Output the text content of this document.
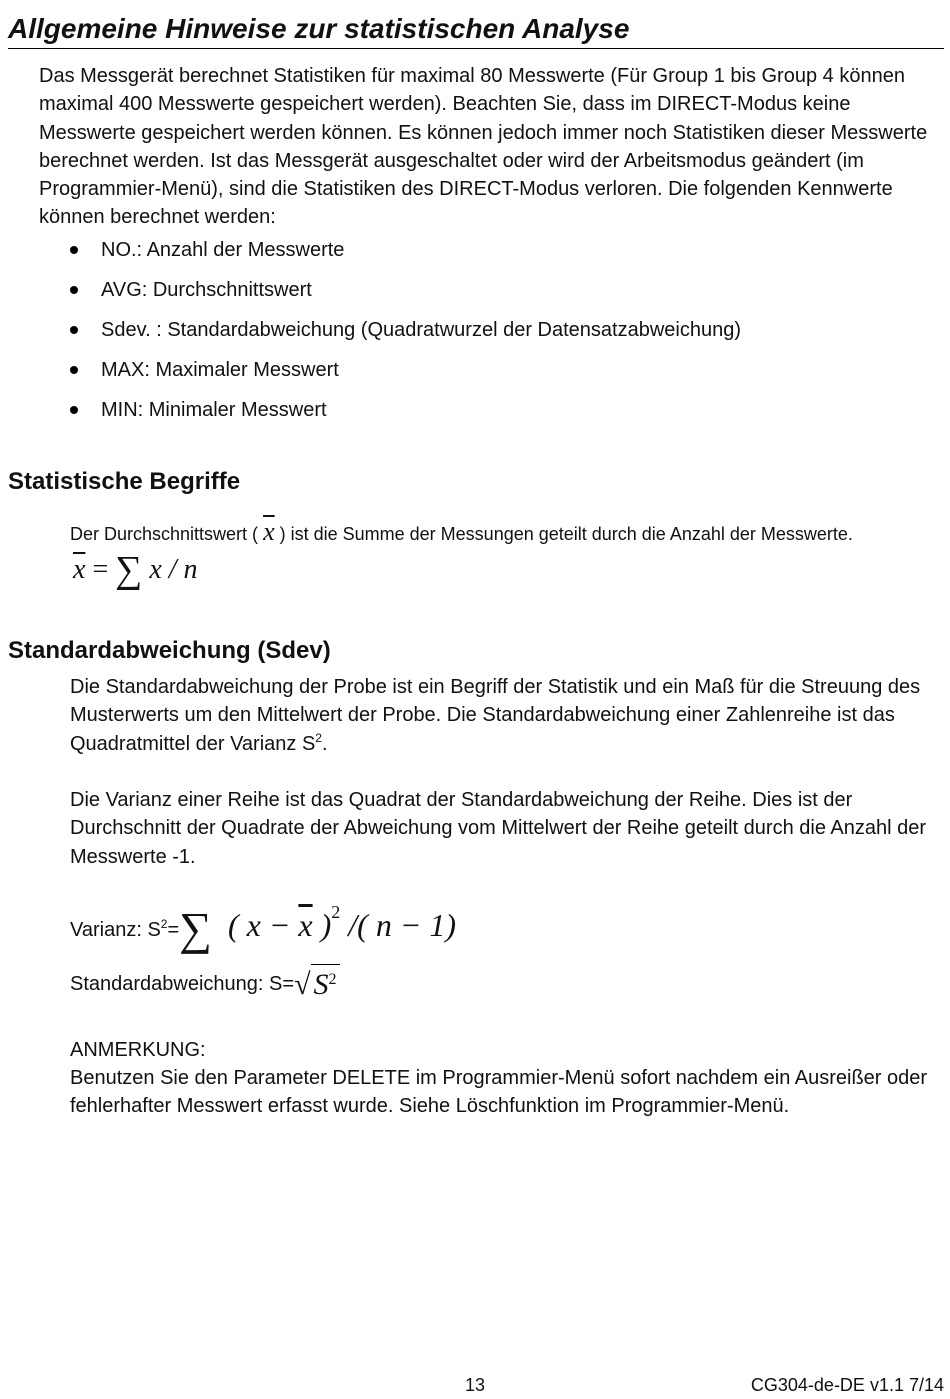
Allgemeine Hinweise zur statistischen Analyse

Das Messgerät berechnet Statistiken für maximal 80 Messwerte (Für Group 1 bis Group 4 können maximal 400 Messwerte gespeichert werden). Beachten Sie, dass im DIRECT-Modus keine Messwerte gespeichert werden können. Es können jedoch immer noch Statistiken dieser Messwerte berechnet werden. Ist das Messgerät ausgeschaltet oder wird der Arbeitsmodus geändert (im Programmier-Menü), sind die Statistiken des DIRECT-Modus verloren. Die folgenden Kennwerte können berechnet werden:

NO.: Anzahl der Messwerte
AVG: Durchschnittswert
Sdev. : Standardabweichung (Quadratwurzel der Datensatzabweichung)
MAX: Maximaler Messwert
MIN: Minimaler Messwert
Statistische Begriffe

Der Durchschnittswert ( $\overline{x}$ ) ist die Summe der Messungen geteilt durch die Anzahl der Messwerte.

$\overline{x}$ = ∑ x / n
Standardabweichung (Sdev)

Die Standardabweichung der Probe ist ein Begriff der Statistik und ein Maß für die Streuung des Musterwerts um den Mittelwert der Probe. Die Standardabweichung einer Zahlenreihe ist das Quadratmittel der Varianz $S^2$.

Die Varianz einer Reihe ist das Quadrat der Standardabweichung der Reihe. Dies ist der Durchschnitt der Quadrate der Abweichung vom Mittelwert der Reihe geteilt durch die Anzahl der Messwerte -1.

Varianz: $S^2=\sum$ ( $x - \overline{x}$ )$^2$ /( n − 1)
Standardabweichung: S=√ $S^2$

ANMERKUNG:

Benutzen Sie den Parameter DELETE im Programmier-Menü sofort nachdem ein Ausreißer oder fehlerhafter Messwert erfasst wurde. Siehe Löschfunktion im Programmier-Menü.

13	CG304-de-DE v1.1 7/14
